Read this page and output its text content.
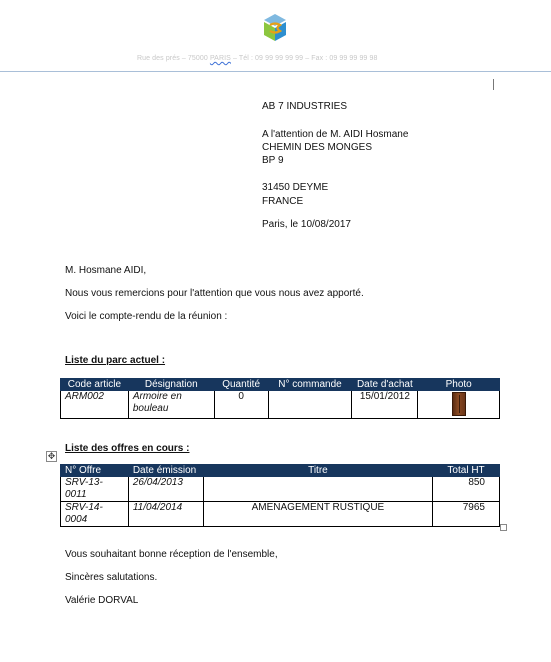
Rue des prés – 75000 PARIS – Tél : 09 99 99 99 99 – Fax : 09 99 99 99 98
AB 7 INDUSTRIES
A l'attention de M. AIDI Hosmane
CHEMIN DES MONGES
BP 9
31450 DEYME
FRANCE
Paris, le 10/08/2017
M. Hosmane AIDI,
Nous vous remercions pour l'attention que vous nous avez apporté.
Voici le compte-rendu de la réunion :
Liste du parc actuel :
Code article	Désignation	Quantité	N° commande	Date d'achat	Photo
ARM002	Armoire en bouleau	0		15/01/2012	
Liste des offres en cours :
✥
N° Offre	Date émission	Titre	Total HT
SRV-13-0011	26/04/2013		850
SRV-14-0004	11/04/2014	AMENAGEMENT RUSTIQUE	7965
Vous souhaitant bonne réception de l'ensemble,
Sincères salutations.
Valérie DORVAL
